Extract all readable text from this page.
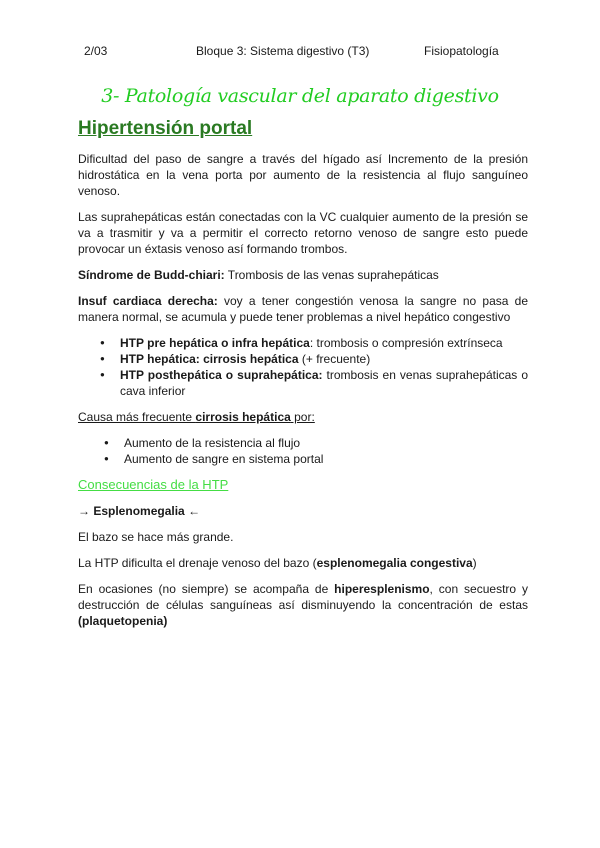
2/03	Bloque 3: Sistema digestivo (T3)	Fisiopatología
3- Patología vascular del aparato digestivo
Hipertensión portal

Dificultad del paso de sangre a través del hígado así Incremento de la presión hidrostática en la vena porta por aumento de la resistencia al flujo sanguíneo venoso.

Las suprahepáticas están conectadas con la VC cualquier aumento de la presión se va a trasmitir y va a permitir el correcto retorno venoso de sangre esto puede provocar un éxtasis venoso así formando trombos.

Síndrome de Budd-chiari: Trombosis de las venas suprahepáticas

Insuf cardiaca derecha: voy a tener congestión venosa la sangre no pasa de manera normal, se acumula y puede tener problemas a nivel hepático congestivo

● HTP pre hepática o infra hepática: trombosis o compresión extrínseca
● HTP hepática: cirrosis hepática (+ frecuente)
● HTP posthepática o suprahepática: trombosis en venas suprahepáticas o cava inferior

Causa más frecuente cirrosis hepática por:

● Aumento de la resistencia al flujo
● Aumento de sangre en sistema portal
Consecuencias de la HTP
→ Esplenomegalia ←

El bazo se hace más grande.

La HTP dificulta el drenaje venoso del bazo (esplenomegalia congestiva)

En ocasiones (no siempre) se acompaña de hiperesplenismo, con secuestro y destrucción de células sanguíneas así disminuyendo la concentración de estas (plaquetopenia)
